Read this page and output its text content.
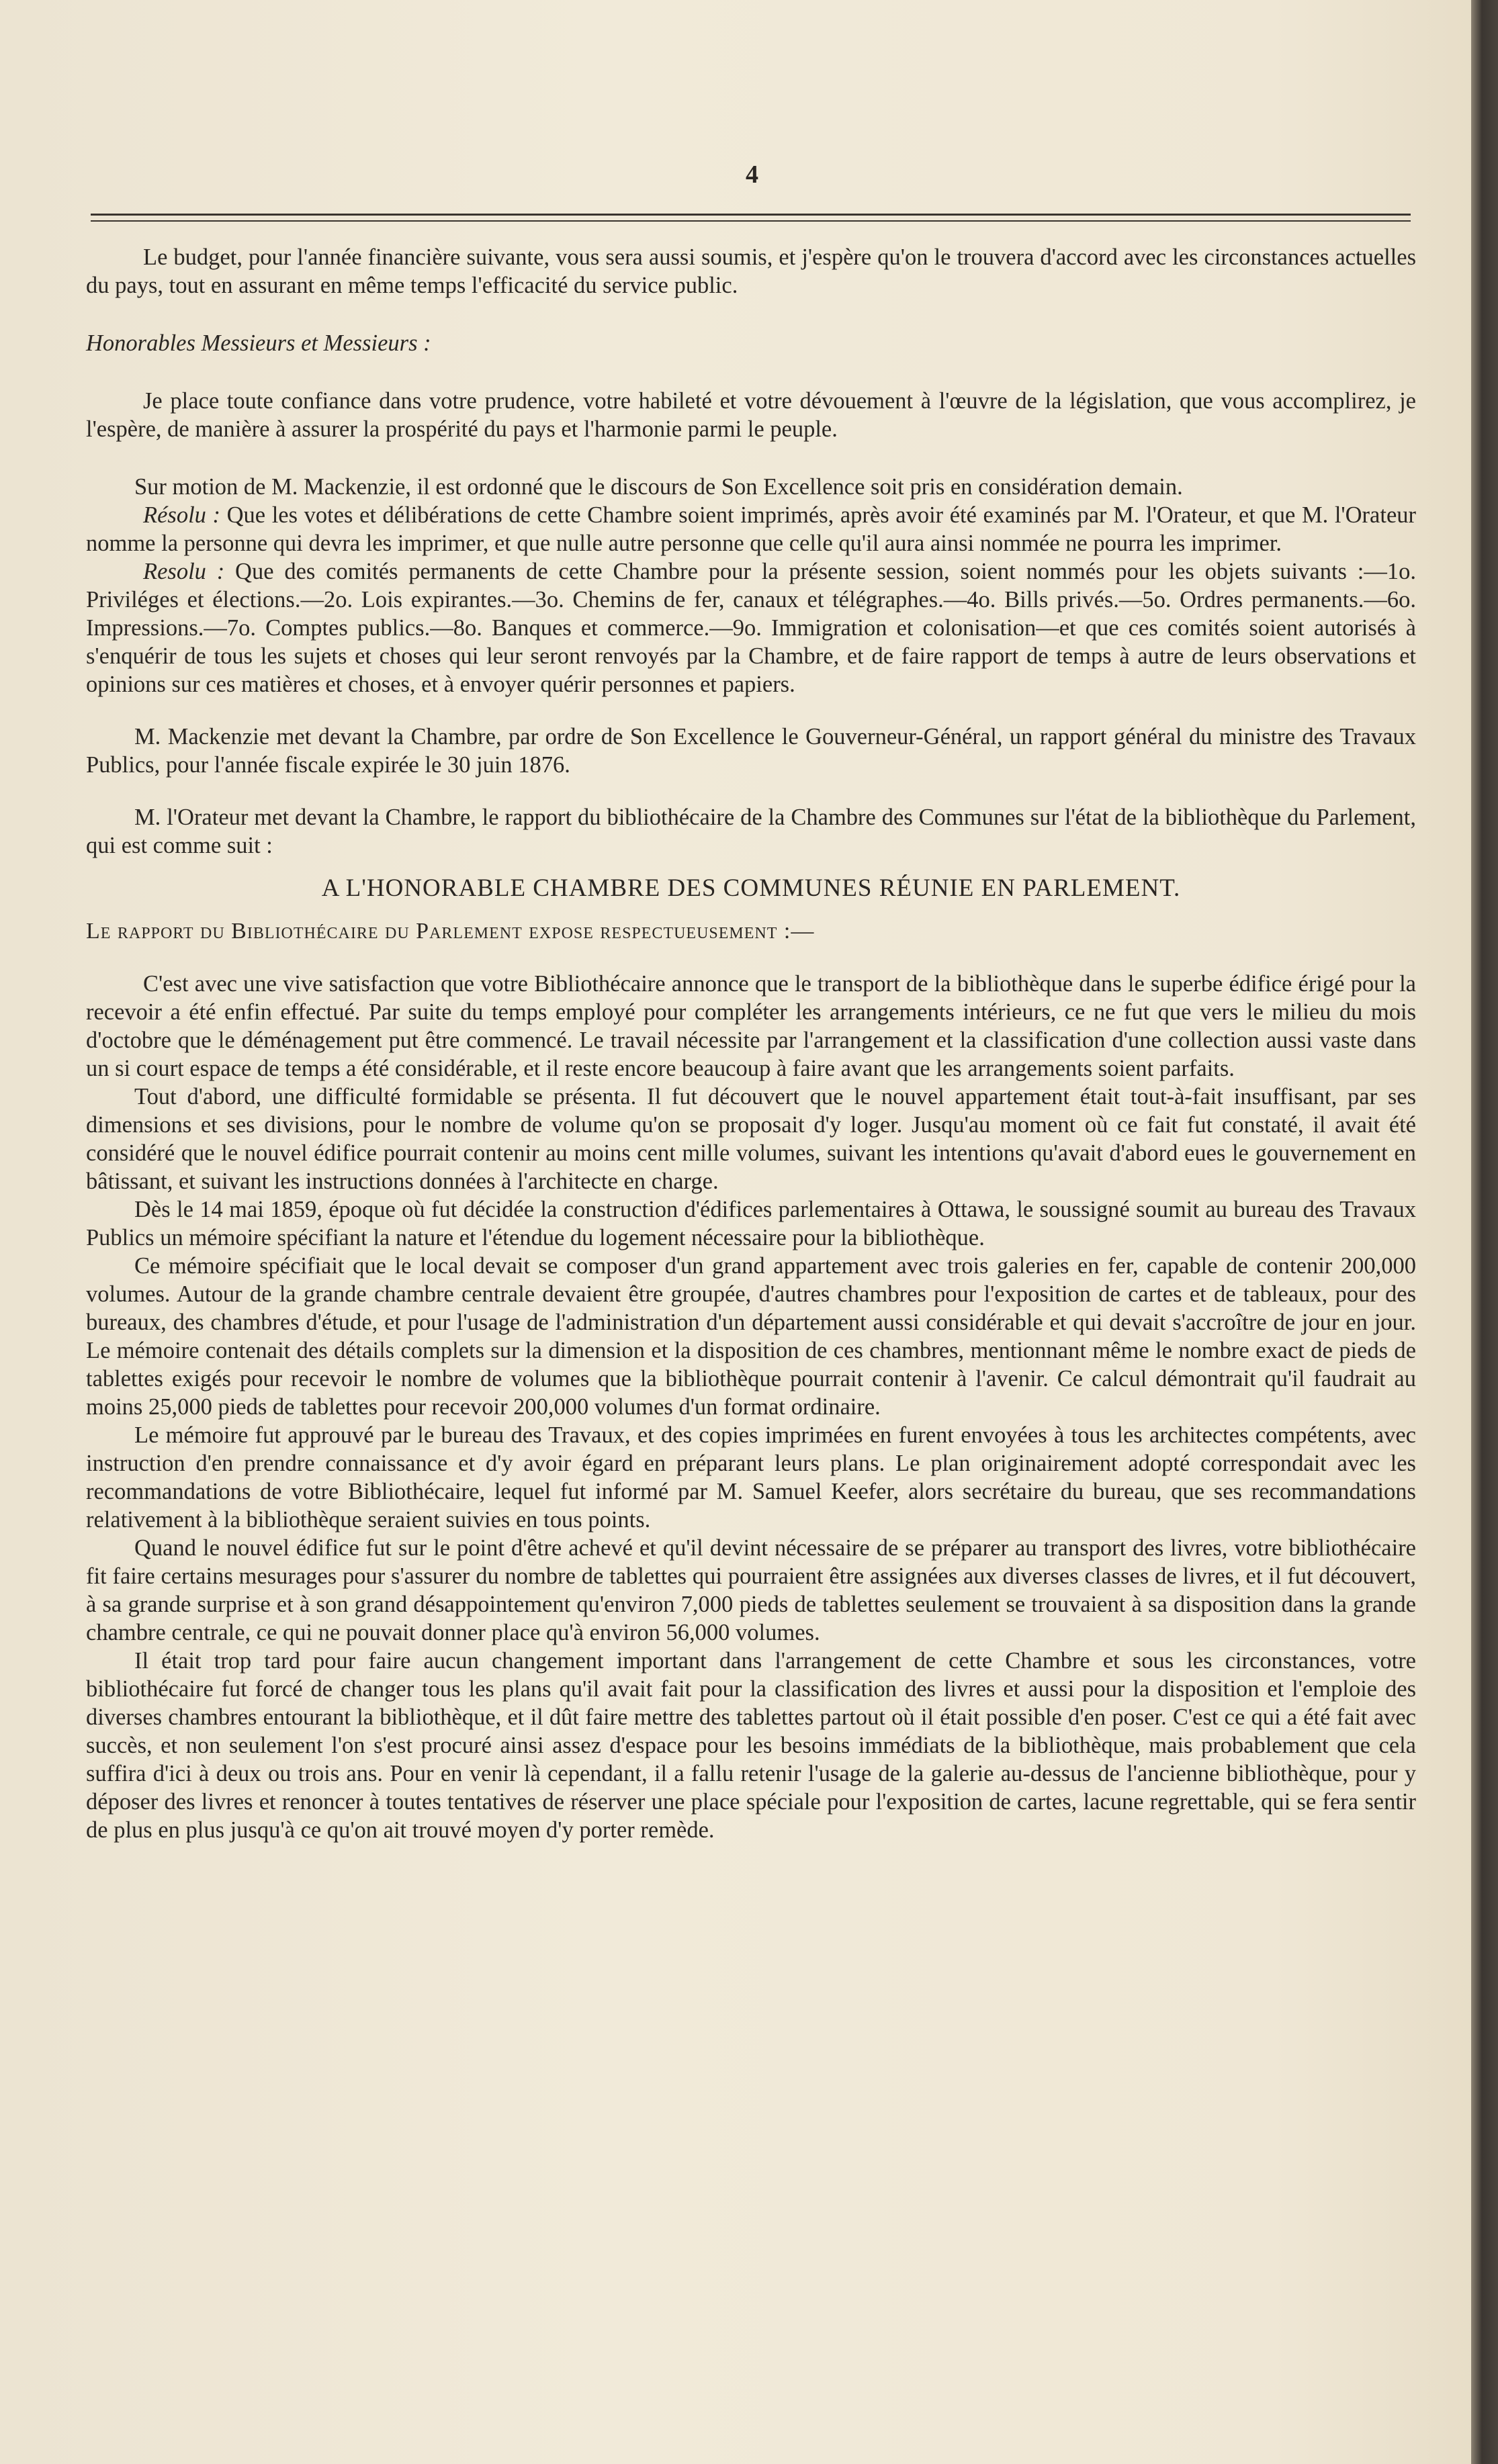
4

Le budget, pour l'année financière suivante, vous sera aussi soumis, et j'espère qu'on le trouvera d'accord avec les circonstances actuelles du pays, tout en assurant en même temps l'efficacité du service public.

Honorables Messieurs et Messieurs :

Je place toute confiance dans votre prudence, votre habileté et votre dévouement à l'œuvre de la législation, que vous accomplirez, je l'espère, de manière à assurer la prospérité du pays et l'harmonie parmi le peuple.

Sur motion de M. Mackenzie, il est ordonné que le discours de Son Excellence soit pris en considération demain.

Résolu : Que les votes et délibérations de cette Chambre soient imprimés, après avoir été examinés par M. l'Orateur, et que M. l'Orateur nomme la personne qui devra les imprimer, et que nulle autre personne que celle qu'il aura ainsi nommée ne pourra les imprimer.

Resolu : Que des comités permanents de cette Chambre pour la présente session, soient nommés pour les objets suivants :—1o. Priviléges et élections.—2o. Lois expirantes.—3o. Chemins de fer, canaux et télégraphes.—4o. Bills privés.—5o. Ordres permanents.—6o. Impressions.—7o. Comptes publics.—8o. Banques et commerce.—9o. Immigration et colonisation—et que ces comités soient autorisés à s'enquérir de tous les sujets et choses qui leur seront renvoyés par la Chambre, et de faire rapport de temps à autre de leurs observations et opinions sur ces matières et choses, et à envoyer quérir personnes et papiers.

M. Mackenzie met devant la Chambre, par ordre de Son Excellence le Gouverneur-Général, un rapport général du ministre des Travaux Publics, pour l'année fiscale expirée le 30 juin 1876.

M. l'Orateur met devant la Chambre, le rapport du bibliothécaire de la Chambre des Communes sur l'état de la bibliothèque du Parlement, qui est comme suit :

A L'HONORABLE CHAMBRE DES COMMUNES RÉUNIE EN PARLEMENT.

Le rapport du Bibliothécaire du Parlement expose respectueusement :—

C'est avec une vive satisfaction que votre Bibliothécaire annonce que le transport de la bibliothèque dans le superbe édifice érigé pour la recevoir a été enfin effectué. Par suite du temps employé pour compléter les arrangements intérieurs, ce ne fut que vers le milieu du mois d'octobre que le déménagement put être commencé. Le travail nécessite par l'arrangement et la classification d'une collection aussi vaste dans un si court espace de temps a été considérable, et il reste encore beaucoup à faire avant que les arrangements soient parfaits.

Tout d'abord, une difficulté formidable se présenta. Il fut découvert que le nouvel appartement était tout-à-fait insuffisant, par ses dimensions et ses divisions, pour le nombre de volume qu'on se proposait d'y loger. Jusqu'au moment où ce fait fut constaté, il avait été considéré que le nouvel édifice pourrait contenir au moins cent mille volumes, suivant les intentions qu'avait d'abord eues le gouvernement en bâtissant, et suivant les instructions données à l'architecte en charge.

Dès le 14 mai 1859, époque où fut décidée la construction d'édifices parlementaires à Ottawa, le soussigné soumit au bureau des Travaux Publics un mémoire spécifiant la nature et l'étendue du logement nécessaire pour la bibliothèque.

Ce mémoire spécifiait que le local devait se composer d'un grand appartement avec trois galeries en fer, capable de contenir 200,000 volumes. Autour de la grande chambre centrale devaient être groupée, d'autres chambres pour l'exposition de cartes et de tableaux, pour des bureaux, des chambres d'étude, et pour l'usage de l'administration d'un département aussi considérable et qui devait s'accroître de jour en jour. Le mémoire contenait des détails complets sur la dimension et la disposition de ces chambres, mentionnant même le nombre exact de pieds de tablettes exigés pour recevoir le nombre de volumes que la bibliothèque pourrait contenir à l'avenir. Ce calcul démontrait qu'il faudrait au moins 25,000 pieds de tablettes pour recevoir 200,000 volumes d'un format ordinaire.

Le mémoire fut approuvé par le bureau des Travaux, et des copies imprimées en furent envoyées à tous les architectes compétents, avec instruction d'en prendre connaissance et d'y avoir égard en préparant leurs plans. Le plan originairement adopté correspondait avec les recommandations de votre Bibliothécaire, lequel fut informé par M. Samuel Keefer, alors secrétaire du bureau, que ses recommandations relativement à la bibliothèque seraient suivies en tous points.

Quand le nouvel édifice fut sur le point d'être achevé et qu'il devint nécessaire de se préparer au transport des livres, votre bibliothécaire fit faire certains mesurages pour s'assurer du nombre de tablettes qui pourraient être assignées aux diverses classes de livres, et il fut découvert, à sa grande surprise et à son grand désappointement qu'environ 7,000 pieds de tablettes seulement se trouvaient à sa disposition dans la grande chambre centrale, ce qui ne pouvait donner place qu'à environ 56,000 volumes.

Il était trop tard pour faire aucun changement important dans l'arrangement de cette Chambre et sous les circonstances, votre bibliothécaire fut forcé de changer tous les plans qu'il avait fait pour la classification des livres et aussi pour la disposition et l'emploie des diverses chambres entourant la bibliothèque, et il dût faire mettre des tablettes partout où il était possible d'en poser. C'est ce qui a été fait avec succès, et non seulement l'on s'est procuré ainsi assez d'espace pour les besoins immédiats de la bibliothèque, mais probablement que cela suffira d'ici à deux ou trois ans. Pour en venir là cependant, il a fallu retenir l'usage de la galerie au-dessus de l'ancienne bibliothèque, pour y déposer des livres et renoncer à toutes tentatives de réserver une place spéciale pour l'exposition de cartes, lacune regrettable, qui se fera sentir de plus en plus jusqu'à ce qu'on ait trouvé moyen d'y porter remède.
